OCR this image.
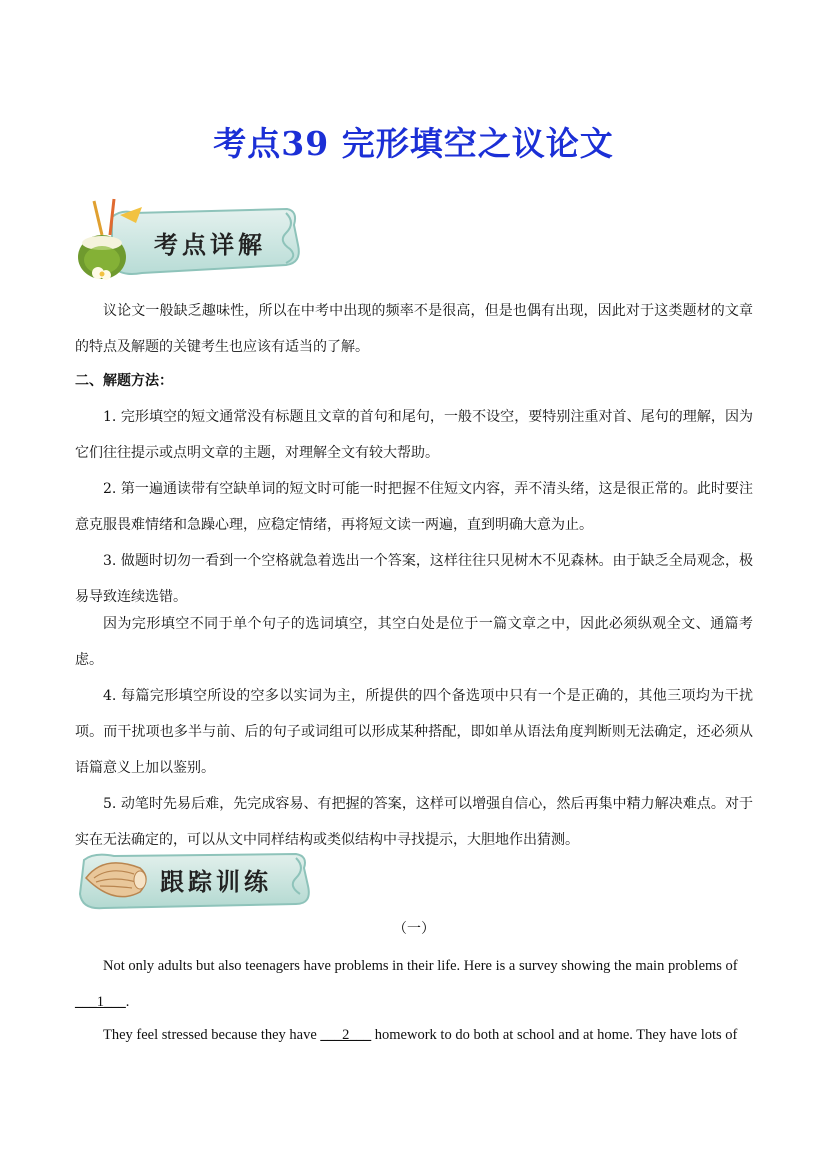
考点39 完形填空之议论文
考点详解
议论文一般缺乏趣味性，所以在中考中出现的频率不是很高，但是也偶有出现，因此对于这类题材的文章的特点及解题的关键考生也应该有适当的了解。
二、解题方法：
1. 完形填空的短文通常没有标题且文章的首句和尾句，一般不设空，要特别注重对首、尾句的理解，因为它们往往提示或点明文章的主题，对理解全文有较大帮助。
2. 第一遍通读带有空缺单词的短文时可能一时把握不住短文内容，弄不清头绪，这是很正常的。此时要注意克服畏难情绪和急躁心理，应稳定情绪，再将短文读一两遍，直到明确大意为止。
3. 做题时切勿一看到一个空格就急着选出一个答案，这样往往只见树木不见森林。由于缺乏全局观念，极易导致连续选错。
因为完形填空不同于单个句子的选词填空，其空白处是位于一篇文章之中，因此必须纵观全文、通篇考虑。
4. 每篇完形填空所设的空多以实词为主，所提供的四个备选项中只有一个是正确的，其他三项均为干扰项。而干扰项也多半与前、后的句子或词组可以形成某种搭配，即如单从语法角度判断则无法确定，还必须从语篇意义上加以鉴别。
5. 动笔时先易后难，先完成容易、有把握的答案，这样可以增强自信心，然后再集中精力解决难点。对于实在无法确定的，可以从文中同样结构或类似结构中寻找提示，大胆地作出猜测。
跟踪训练
（一）
Not only adults but also teenagers have problems in their life. Here is a survey showing the main problems of
___1___.
They feel stressed because they have ___2___ homework to do both at school and at home. They have lots of
